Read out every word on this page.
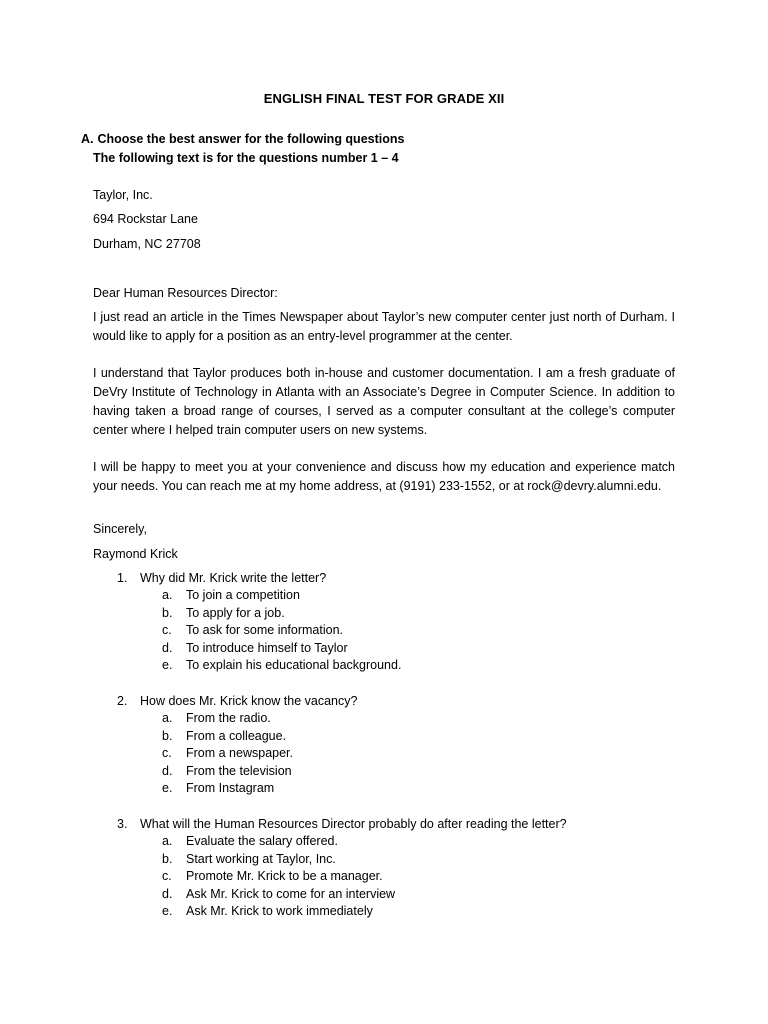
ENGLISH FINAL TEST FOR GRADE XII
A. Choose the best answer for the following questions
The following text is for the questions number 1 – 4
Taylor, Inc.
694 Rockstar Lane
Durham, NC 27708
Dear Human Resources Director:
I just read an article in the Times Newspaper about Taylor’s new computer center just north of Durham. I would like to apply for a position as an entry-level programmer at the center.
I understand that Taylor produces both in-house and customer documentation. I am a fresh graduate of DeVry Institute of Technology in Atlanta with an Associate’s Degree in Computer Science. In addition to having taken a broad range of courses, I served as a computer consultant at the college’s computer center where I helped train computer users on new systems.
I will be happy to meet you at your convenience and discuss how my education and experience match your needs. You can reach me at my home address, at (9191) 233-1552, or at rock@devry.alumni.edu.
Sincerely,
Raymond Krick
1. Why did Mr. Krick write the letter?
a. To join a competition
b. To apply for a job.
c. To ask for some information.
d. To introduce himself to Taylor
e. To explain his educational background.
2. How does Mr. Krick know the vacancy?
a. From the radio.
b. From a colleague.
c. From a newspaper.
d. From the television
e. From Instagram
3. What will the Human Resources Director probably do after reading the letter?
a. Evaluate the salary offered.
b. Start working at Taylor, Inc.
c. Promote Mr. Krick to be a manager.
d. Ask Mr. Krick to come for an interview
e. Ask Mr. Krick to work immediately
